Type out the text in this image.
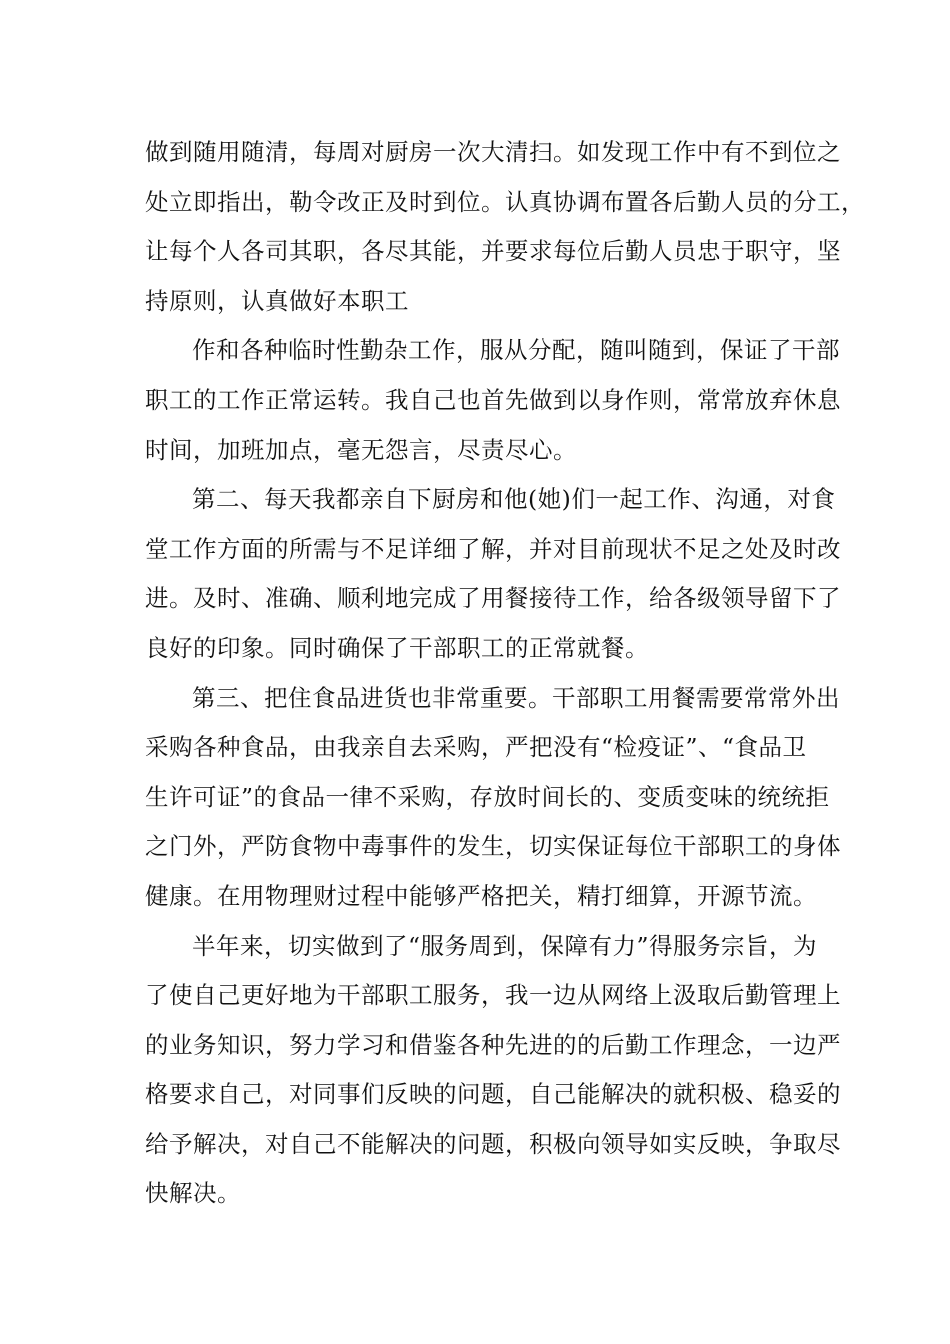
做到随用随清，每周对厨房一次大清扫。如发现工作中有不到位之
处立即指出，勒令改正及时到位。认真协调布置各后勤人员的分工，
让每个人各司其职，各尽其能，并要求每位后勤人员忠于职守，坚
持原则，认真做好本职工
作和各种临时性勤杂工作，服从分配，随叫随到，保证了干部
职工的工作正常运转。我自己也首先做到以身作则，常常放弃休息
时间，加班加点，毫无怨言，尽责尽心。
第二、每天我都亲自下厨房和他(她)们一起工作、沟通，对食
堂工作方面的所需与不足详细了解，并对目前现状不足之处及时改
进。及时、准确、顺利地完成了用餐接待工作，给各级领导留下了
良好的印象。同时确保了干部职工的正常就餐。
第三、把住食品进货也非常重要。干部职工用餐需要常常外出
采购各种食品，由我亲自去采购，严把没有“检疫证”、“食品卫
生许可证”的食品一律不采购，存放时间长的、变质变味的统统拒
之门外，严防食物中毒事件的发生，切实保证每位干部职工的身体
健康。在用物理财过程中能够严格把关，精打细算，开源节流。
半年来，切实做到了“服务周到，保障有力”得服务宗旨，为
了使自己更好地为干部职工服务，我一边从网络上汲取后勤管理上
的业务知识，努力学习和借鉴各种先进的的后勤工作理念，一边严
格要求自己，对同事们反映的问题，自己能解决的就积极、稳妥的
给予解决，对自己不能解决的问题，积极向领导如实反映，争取尽
快解决。
